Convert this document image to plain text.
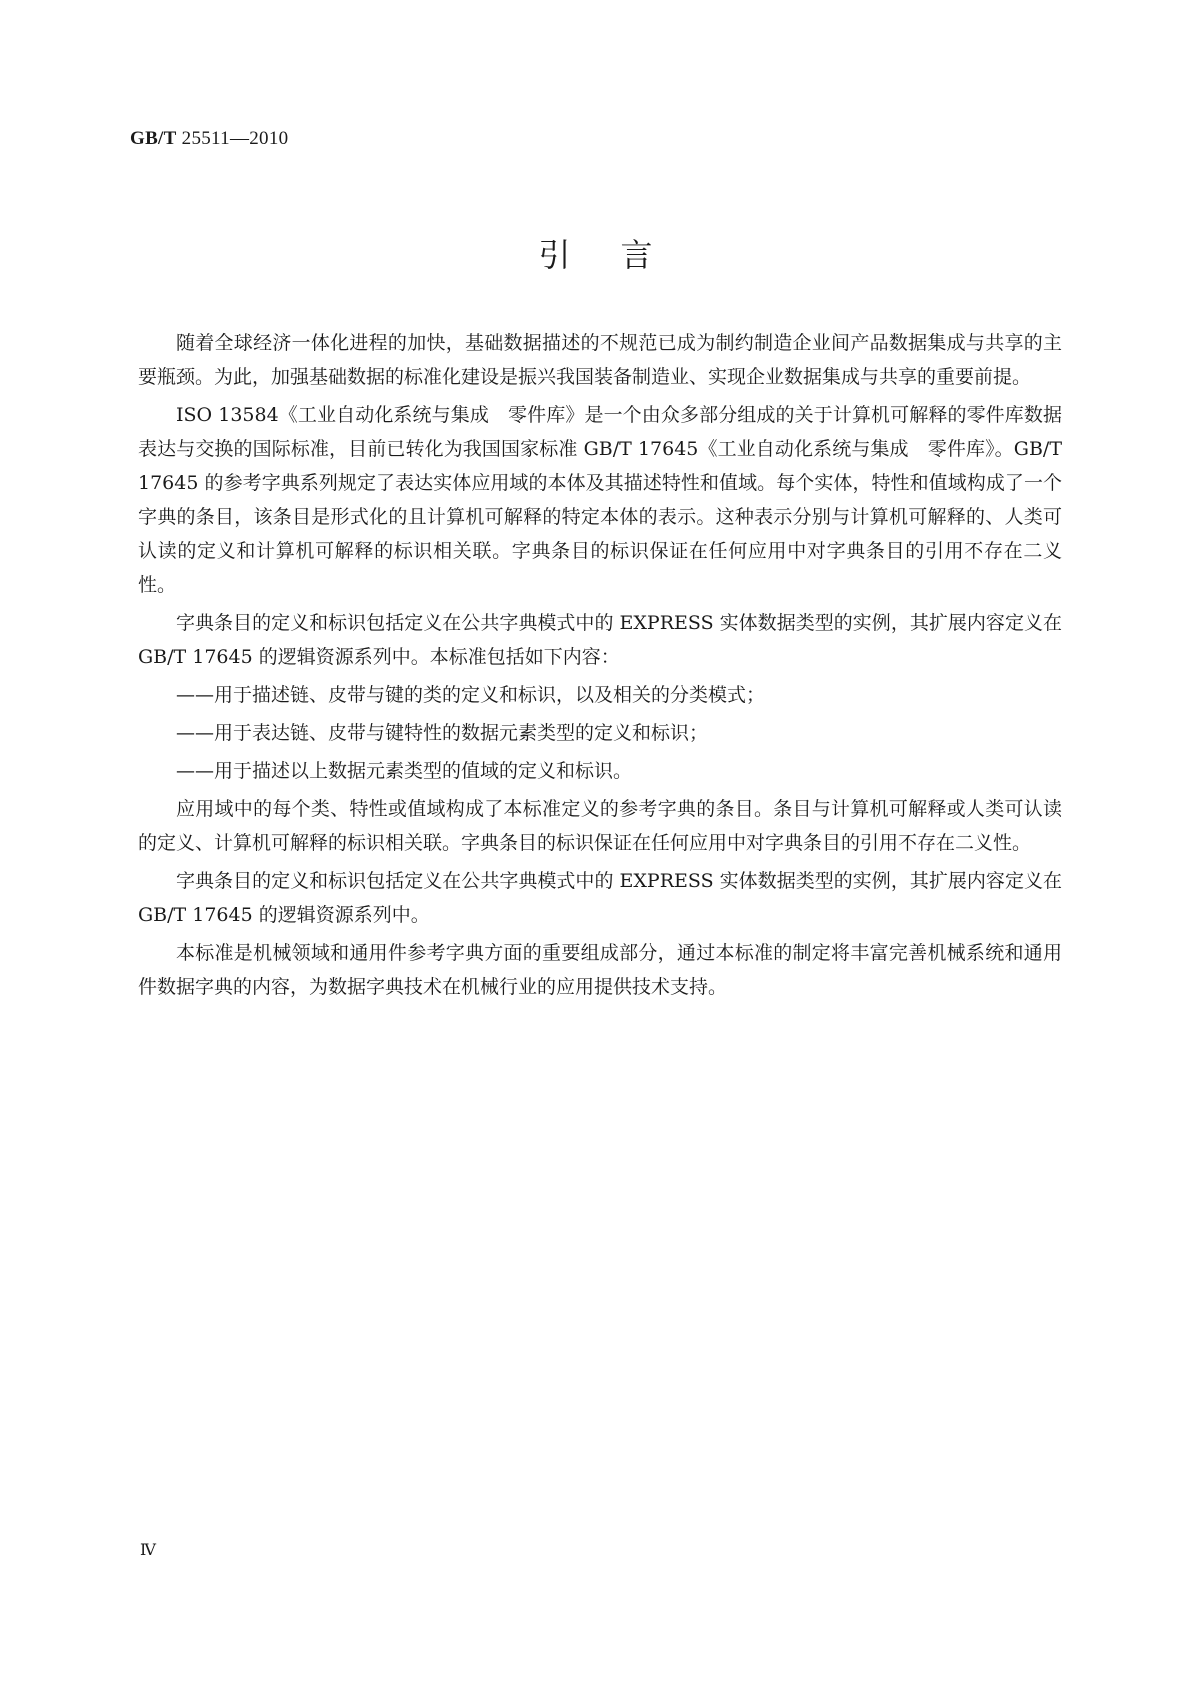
GB/T 25511—2010
引言

随着全球经济一体化进程的加快，基础数据描述的不规范已成为制约制造企业间产品数据集成与共享的主要瓶颈。为此，加强基础数据的标准化建设是振兴我国装备制造业、实现企业数据集成与共享的重要前提。

ISO 13584《工业自动化系统与集成　零件库》是一个由众多部分组成的关于计算机可解释的零件库数据表达与交换的国际标准，目前已转化为我国国家标准 GB/T 17645《工业自动化系统与集成　零件库》。GB/T 17645 的参考字典系列规定了表达实体应用域的本体及其描述特性和值域。每个实体，特性和值域构成了一个字典的条目，该条目是形式化的且计算机可解释的特定本体的表示。这种表示分别与计算机可解释的、人类可认读的定义和计算机可解释的标识相关联。字典条目的标识保证在任何应用中对字典条目的引用不存在二义性。

字典条目的定义和标识包括定义在公共字典模式中的 EXPRESS 实体数据类型的实例，其扩展内容定义在 GB/T 17645 的逻辑资源系列中。本标准包括如下内容：

——用于描述链、皮带与键的类的定义和标识，以及相关的分类模式；

——用于表达链、皮带与键特性的数据元素类型的定义和标识；

——用于描述以上数据元素类型的值域的定义和标识。

应用域中的每个类、特性或值域构成了本标准定义的参考字典的条目。条目与计算机可解释或人类可认读的定义、计算机可解释的标识相关联。字典条目的标识保证在任何应用中对字典条目的引用不存在二义性。

字典条目的定义和标识包括定义在公共字典模式中的 EXPRESS 实体数据类型的实例，其扩展内容定义在 GB/T 17645 的逻辑资源系列中。

本标准是机械领域和通用件参考字典方面的重要组成部分，通过本标准的制定将丰富完善机械系统和通用件数据字典的内容，为数据字典技术在机械行业的应用提供技术支持。

Ⅳ
